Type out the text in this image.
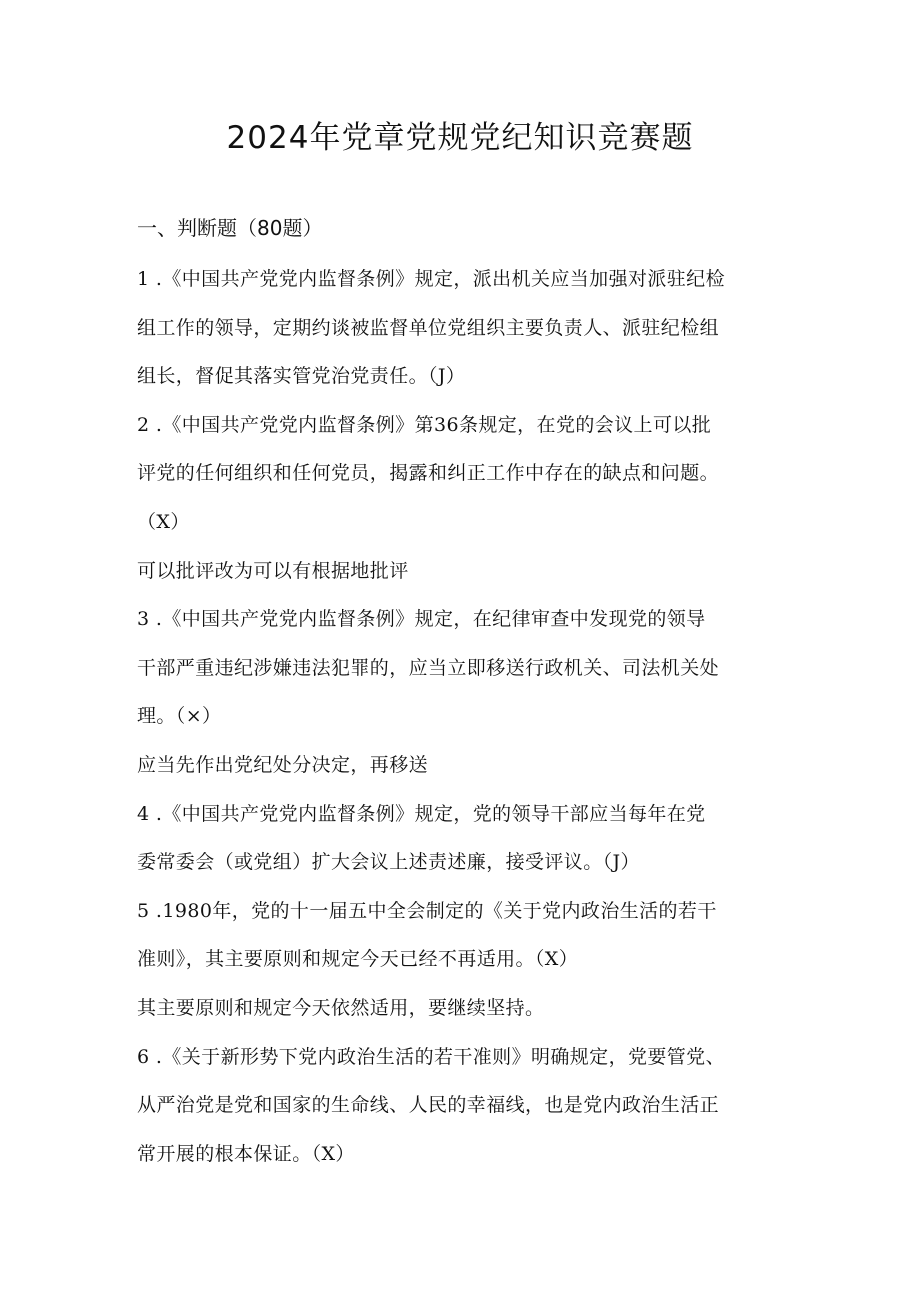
2024年党章党规党纪知识竞赛题
一、判断题（80题）
1 .《中国共产党党内监督条例》规定，派出机关应当加强对派驻纪检
组工作的领导，定期约谈被监督单位党组织主要负责人、派驻纪检组
组长，督促其落实管党治党责任。（J）
2 .《中国共产党党内监督条例》第36条规定，在党的会议上可以批
评党的任何组织和任何党员，揭露和纠正工作中存在的缺点和问题。
（X）
可以批评改为可以有根据地批评
3 .《中国共产党党内监督条例》规定，在纪律审查中发现党的领导
干部严重违纪涉嫌违法犯罪的，应当立即移送行政机关、司法机关处
理。（×）
应当先作出党纪处分决定，再移送
4 .《中国共产党党内监督条例》规定，党的领导干部应当每年在党
委常委会（或党组）扩大会议上述责述廉，接受评议。（J）
5 .1980年，党的十一届五中全会制定的《关于党内政治生活的若干
准则》，其主要原则和规定今天已经不再适用。（X）
其主要原则和规定今天依然适用，要继续坚持。
6 .《关于新形势下党内政治生活的若干准则》明确规定，党要管党、
从严治党是党和国家的生命线、人民的幸福线，也是党内政治生活正
常开展的根本保证。（X）
